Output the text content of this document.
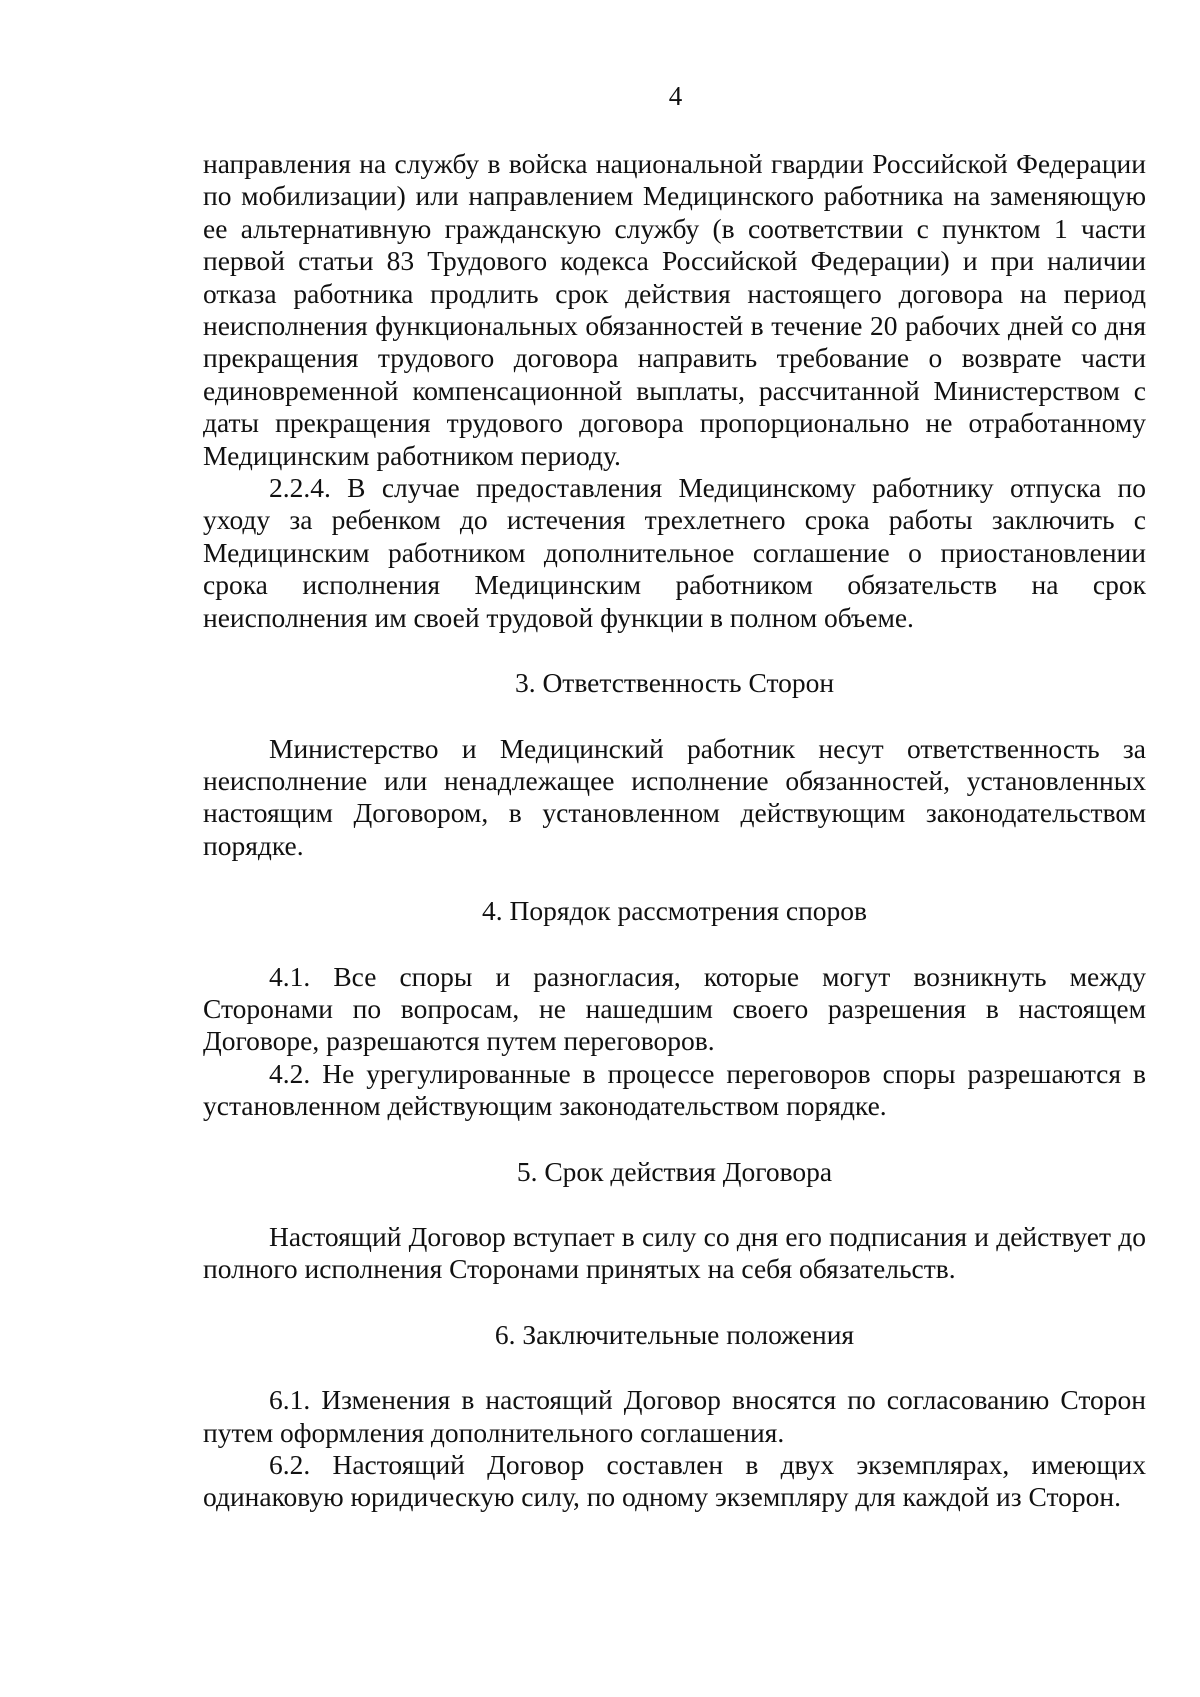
4

направления на службу в войска национальной гвардии Российской Федерации по мобилизации) или направлением Медицинского работника на заменяющую ее альтернативную гражданскую службу (в соответствии с пунктом 1 части первой статьи 83 Трудового кодекса Российской Федерации) и при наличии отказа работника продлить срок действия настоящего договора на период неисполнения функциональных обязанностей в течение 20 рабочих дней со дня прекращения трудового договора направить требование о возврате части единовременной компенсационной выплаты, рассчитанной Министерством с даты прекращения трудового договора пропорционально не отработанному Медицинским работником периоду.

2.2.4. В случае предоставления Медицинскому работнику отпуска по уходу за ребенком до истечения трехлетнего срока работы заключить с Медицинским работником дополнительное соглашение о приостановлении срока исполнения Медицинским работником обязательств на срок неисполнения им своей трудовой функции в полном объеме.

3. Ответственность Сторон

Министерство и Медицинский работник несут ответственность за неисполнение или ненадлежащее исполнение обязанностей, установленных настоящим Договором, в установленном действующим законодательством порядке.

4. Порядок рассмотрения споров

4.1. Все споры и разногласия, которые могут возникнуть между Сторонами по вопросам, не нашедшим своего разрешения в настоящем Договоре, разрешаются путем переговоров.

4.2. Не урегулированные в процессе переговоров споры разрешаются в установленном действующим законодательством порядке.

5. Срок действия Договора

Настоящий Договор вступает в силу со дня его подписания и действует до полного исполнения Сторонами принятых на себя обязательств.

6. Заключительные положения

6.1. Изменения в настоящий Договор вносятся по согласованию Сторон путем оформления дополнительного соглашения.

6.2. Настоящий Договор составлен в двух экземплярах, имеющих одинаковую юридическую силу, по одному экземпляру для каждой из Сторон.
